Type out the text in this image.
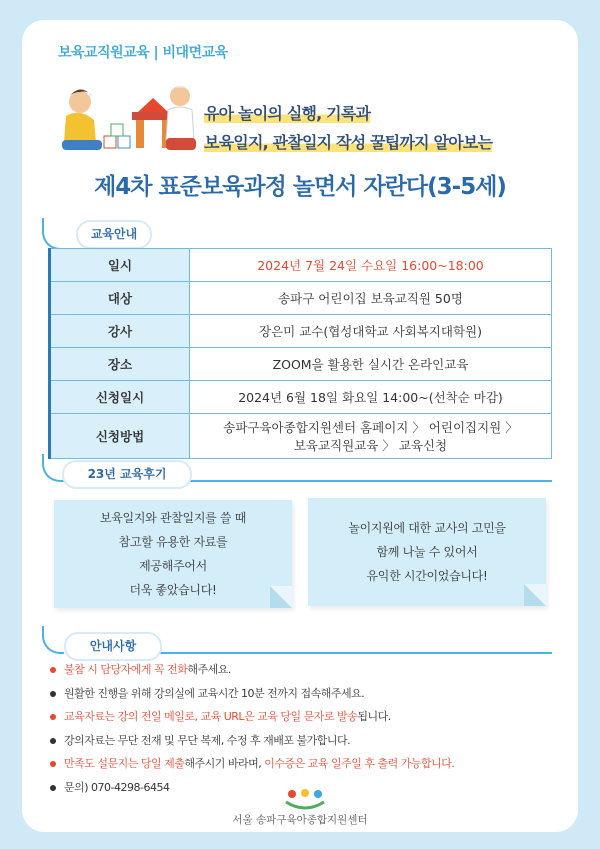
보육교직원교육 | 비대면교육
유아 놀이의 실행, 기록과
보육일지, 관찰일지 작성 꿀팁까지 알아보는
제4차 표준보육과정 놀면서 자란다(3-5세)
교육안내
일시	2024년 7월 24일 수요일 16:00~18:00
대상	송파구 어린이집 보육교직원 50명
강사	장은미 교수(협성대학교 사회복지대학원)
장소	ZOOM을 활용한 실시간 온라인교육
신청일시	2024년 6월 18일 화요일 14:00~(선착순 마감)
신청방법	송파구육아종합지원센터 홈페이지 〉 어린이집지원 〉
보육교직원교육 〉 교육신청
23년 교육후기
보육일지와 관찰일지를 쓸 때
참고할 유용한 자료를
제공해주어서
더욱 좋았습니다!
놀이지원에 대한 교사의 고민을
함께 나눌 수 있어서
유익한 시간이었습니다!
안내사항
불참 시 담당자에게 꼭 전화해주세요.
원활한 진행을 위해 강의실에 교육시간 10분 전까지 접속해주세요.
교육자료는 강의 전일 메일로, 교육 URL은 교육 당일 문자로 발송됩니다.
강의자료는 무단 전재 및 무단 복제, 수정 후 재배포 불가합니다.
만족도 설문지는 당일 제출해주시기 바라며, 이수증은 교육 일주일 후 출력 가능합니다.
문의) 070-4298-6454
서울 송파구육아종합지원센터
